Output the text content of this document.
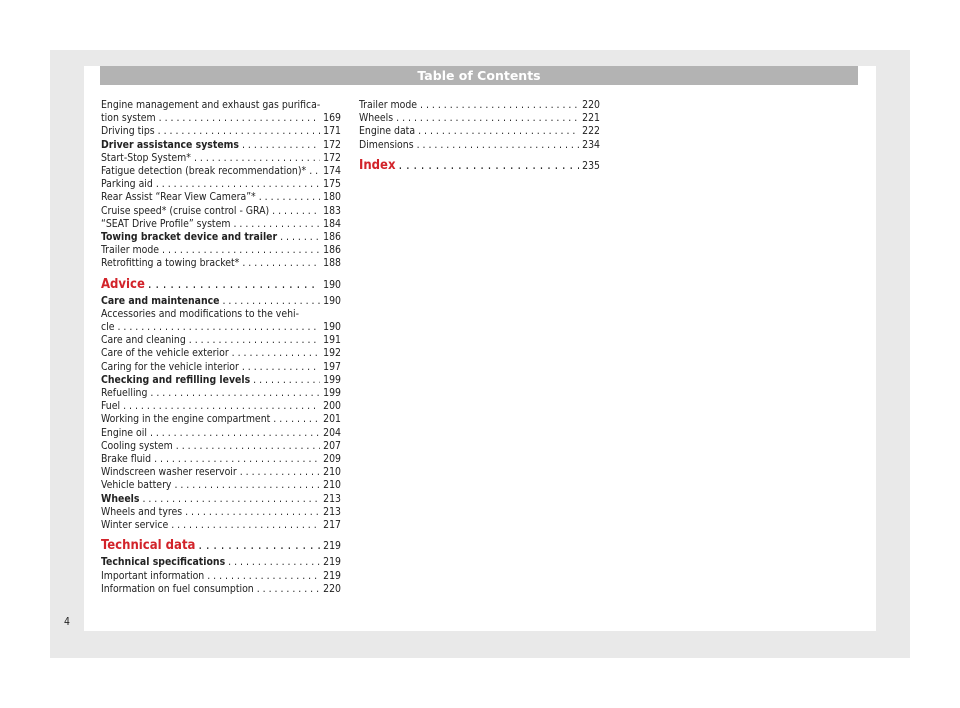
Table of Contents
Engine management and exhaust gas purifica-
tion system . . .	169
Driving tips . . .	171
Driver assistance systems . . .	172
Start-Stop System* . . .	172
Fatigue detection (break recommendation)* . . . 174
Parking aid . . .	175
Rear Assist “Rear View Camera”* . . .	180
Cruise speed* (cruise control - GRA) . . .	183
“SEAT Drive Profile” system . . .	184
Towing bracket device and trailer . . .	186
Trailer mode . . .	186
Retrofitting a towing bracket* . . .	188
Advice . . .	190
Care and maintenance . . .	190
Accessories and modifications to the vehi-
cle . . .	190
Care and cleaning . . .	191
Care of the vehicle exterior . . .	192
Caring for the vehicle interior . . .	197
Checking and refilling levels . . .	199
Refuelling . . .	199
Fuel . . .	200
Working in the engine compartment . . .	201
Engine oil . . .	204
Cooling system . . .	207
Brake fluid . . .	209
Windscreen washer reservoir . . .	210
Vehicle battery . . .	210
Wheels . . .	213
Wheels and tyres . . .	213
Winter service . . .	217
Technical data . . .	219
Technical specifications . . .	219
Important information . . .	219
Information on fuel consumption . . .	220
Trailer mode . . .	220
Wheels . . .	221
Engine data . . .	222
Dimensions . . .	234
Index . . .	235
4
